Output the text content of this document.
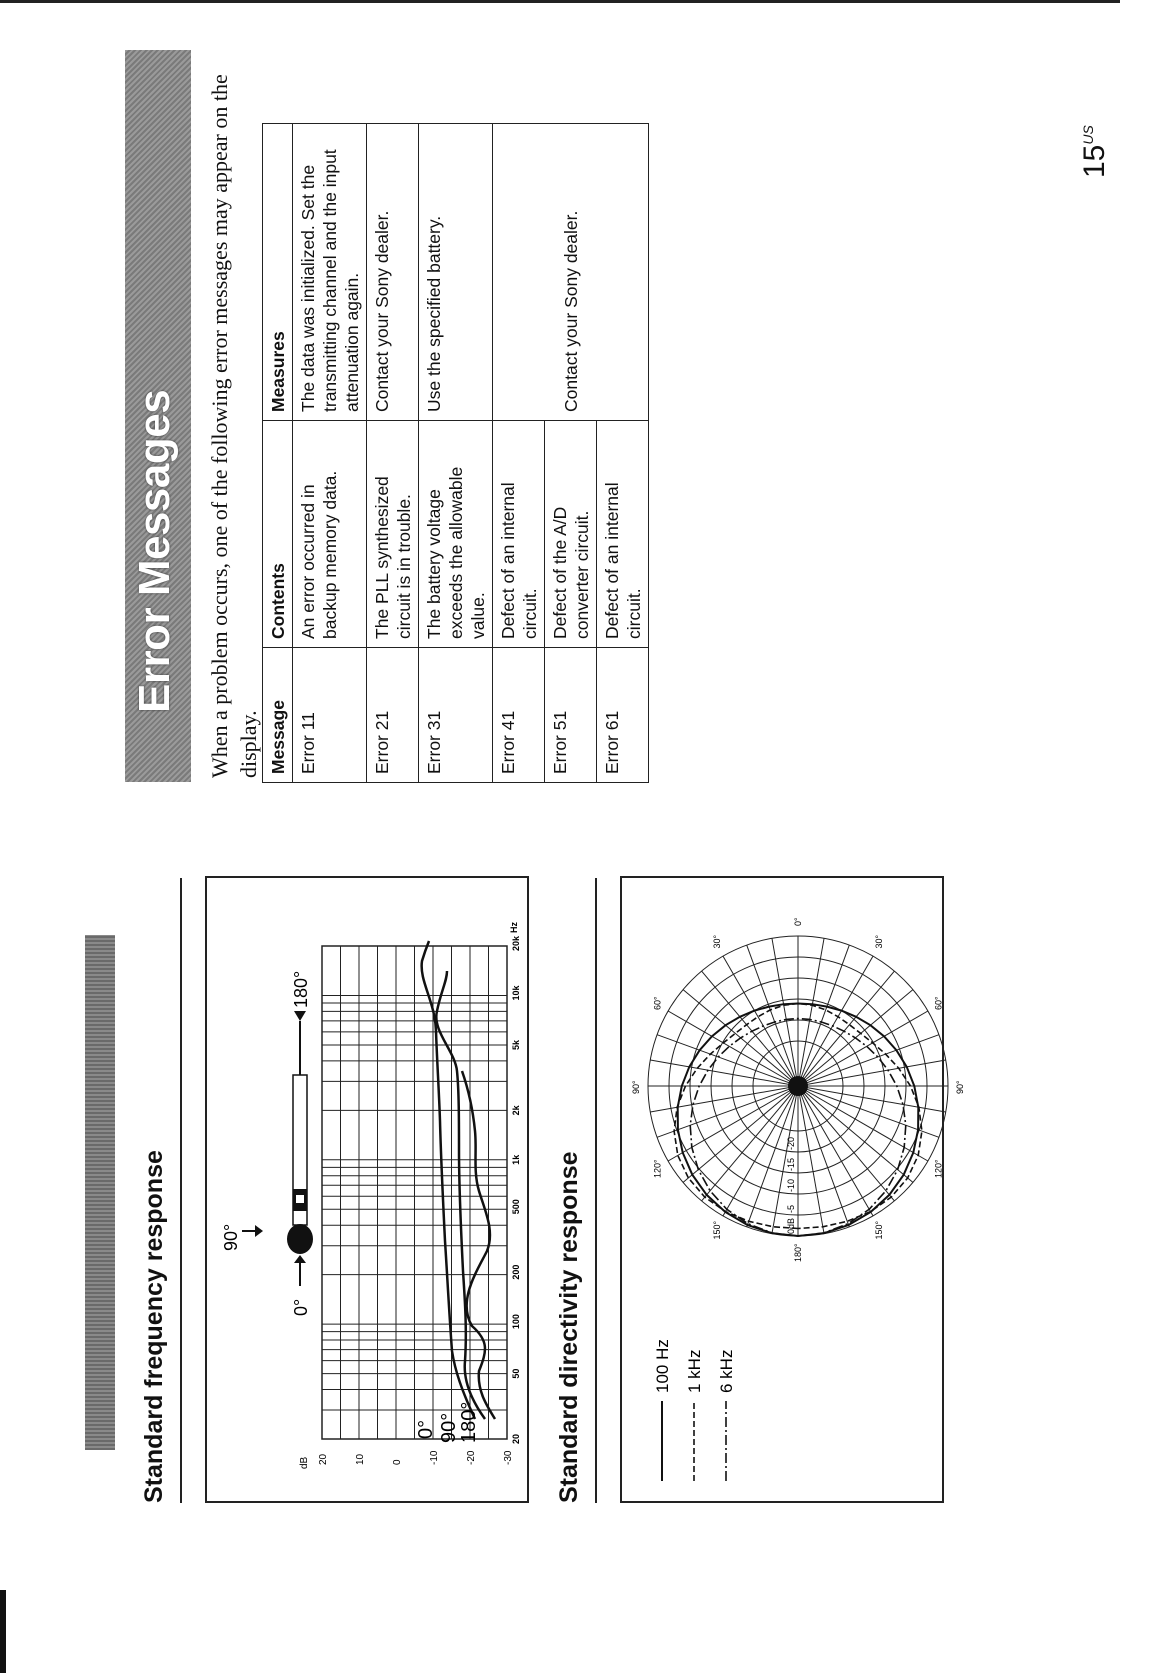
Standard frequency response	dB 20	10	0	-10	-20	-30
20
50
100
200
500
1k
2k
5k
10k
20k
Hz
0° 90°
180°
90°
0°
180°
Standard directivity response
0°
30°
60°
90°
120°
150°
180°
150°
120°
90°
60°
30°
0dB
-5
-10
-15
-20
100 Hz 1 kHz 6 kHz
Error Messages When a problem occurs, one of the following error messages may appear on the display. Message	Contents	Measures
Error 11	An error occurred in backup memory data.	The data was initialized. Set the transmitting channel and the input attenuation again.
Error 21	The PLL synthesized circuit is in trouble.	Contact your Sony dealer.
Error 31	The battery voltage exceeds the allowable value.	Use the specified battery.
Error 41	Defect of an internal circuit.	Contact your Sony dealer.
Error 51	Defect of the A/D converter circuit.	
Error 61	Defect of an internal circuit.	
$15^{US}$
